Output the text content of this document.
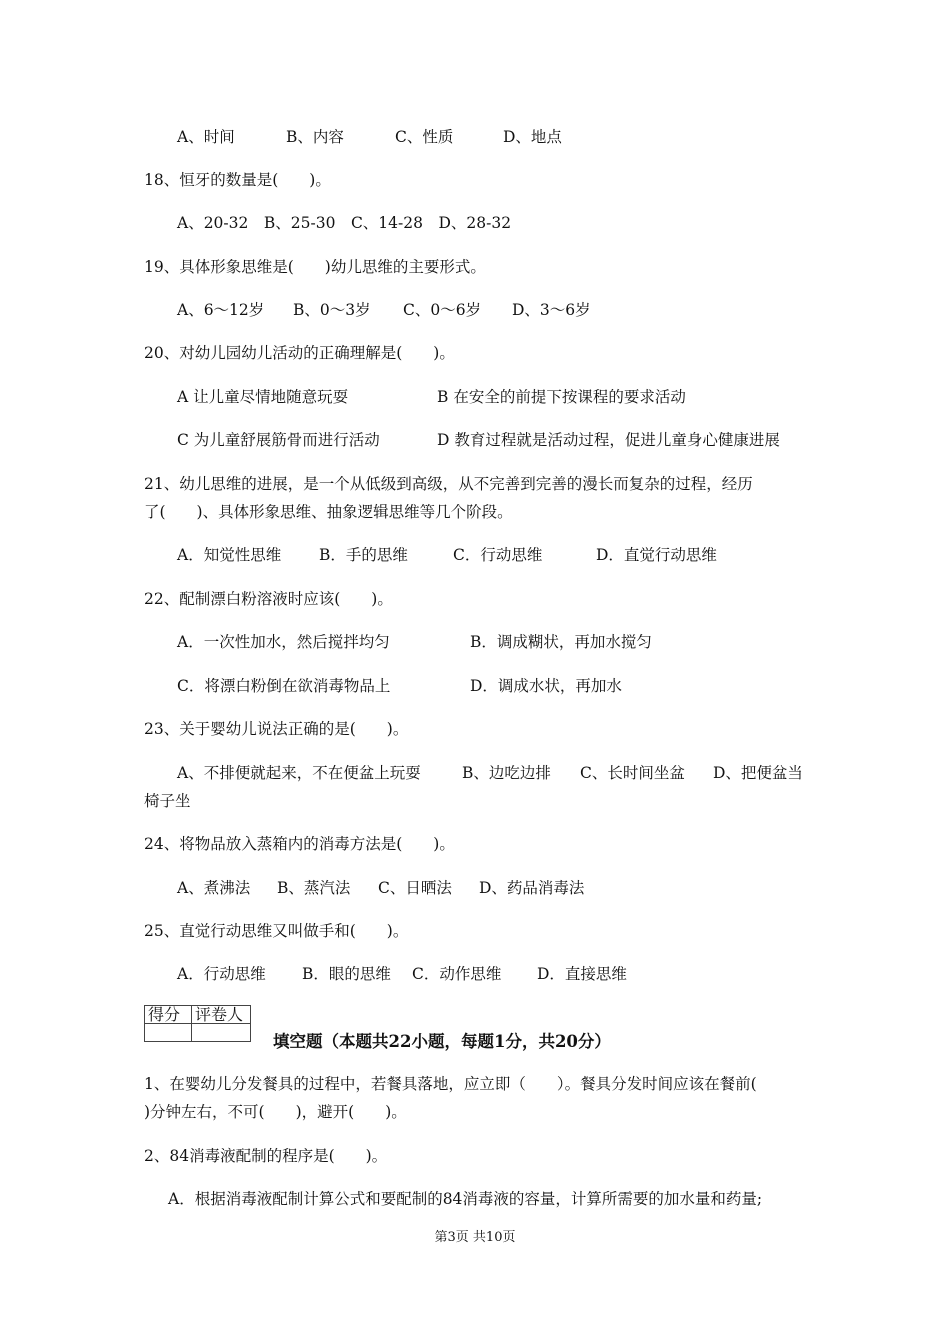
A、时间	B、内容	C、性质	D、地点

18、恒牙的数量是(　　)。

A、20-32　B、25-30　C、14-28　D、28-32

19、具体形象思维是(　　)幼儿思维的主要形式。

A、6～12岁 B、0～3岁 C、0～6岁 D、3～6岁

20、对幼儿园幼儿活动的正确理解是(　　)。

A 让儿童尽情地随意玩耍	B 在安全的前提下按课程的要求活动

C 为儿童舒展筋骨而进行活动	D 教育过程就是活动过程，促进儿童身心健康进展

21、幼儿思维的进展，是一个从低级到高级，从不完善到完善的漫长而复杂的过程，经历

了(　　)、具体形象思维、抽象逻辑思维等几个阶段。

A．知觉性思维 B．手的思维	C．行动思维	D．直觉行动思维

22、配制漂白粉溶液时应该(　　)。

A．一次性加水，然后搅拌均匀	B．调成糊状，再加水搅匀

C．将漂白粉倒在欲消毒物品上	D．调成水状，再加水

23、关于婴幼儿说法正确的是(　　)。

A、不排便就起来，不在便盆上玩耍	B、边吃边排 C、长时间坐盆 D、把便盆当

椅子坐

24、将物品放入蒸箱内的消毒方法是(　　)。

A、煮沸法 B、蒸汽法 C、日晒法 D、药品消毒法

25、直觉行动思维又叫做手和(　　)。

A．行动思维 B．眼的思维 C．动作思维 D．直接思维
得分	评卷人

填空题（本题共22小题，每题1分，共20分）

1、在婴幼儿分发餐具的过程中，若餐具落地，应立即（　　）。餐具分发时间应该在餐前(

)分钟左右，不可(　　)，避开(　　)。

2、84消毒液配制的程序是(　　)。

A．根据消毒液配制计算公式和要配制的84消毒液的容量，计算所需要的加水量和药量;

第3页 共10页
